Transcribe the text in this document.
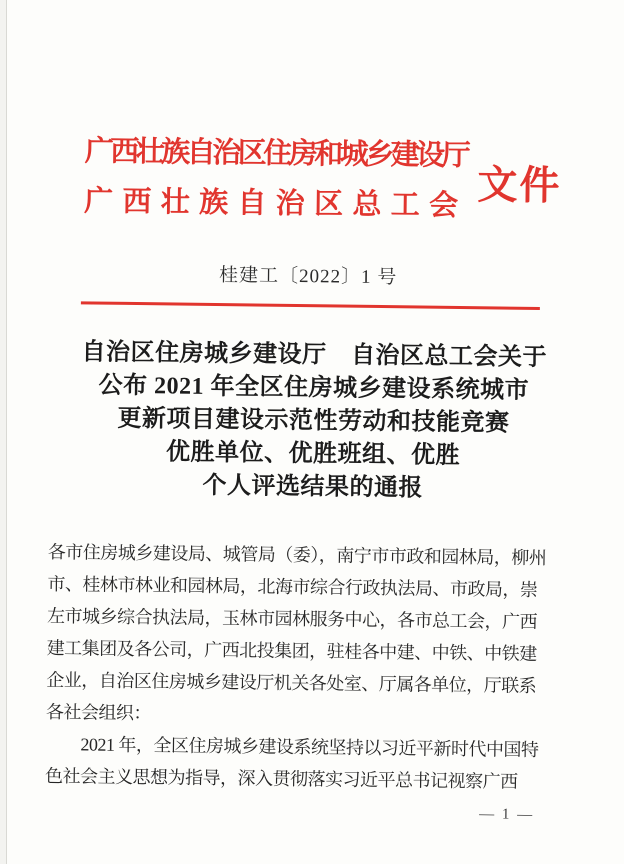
广西壮族自治区住房和城乡建设厅
广西壮族自治区总工会 文件
桂建工〔2022〕1 号
自治区住房城乡建设厅　自治区总工会关于
公布 2021 年全区住房城乡建设系统城市
更新项目建设示范性劳动和技能竞赛
优胜单位、优胜班组、优胜
个人评选结果的通报
各市住房城乡建设局、城管局（委），南宁市市政和园林局，柳州
市、桂林市林业和园林局，北海市综合行政执法局、市政局，崇
左市城乡综合执法局，玉林市园林服务中心，各市总工会，广西
建工集团及各公司，广西北投集团，驻桂各中建、中铁、中铁建
企业，自治区住房城乡建设厅机关各处室、厅属各单位，厅联系
各社会组织：
　　2021 年，全区住房城乡建设系统坚持以习近平新时代中国特
色社会主义思想为指导，深入贯彻落实习近平总书记视察广西
— 1 —
